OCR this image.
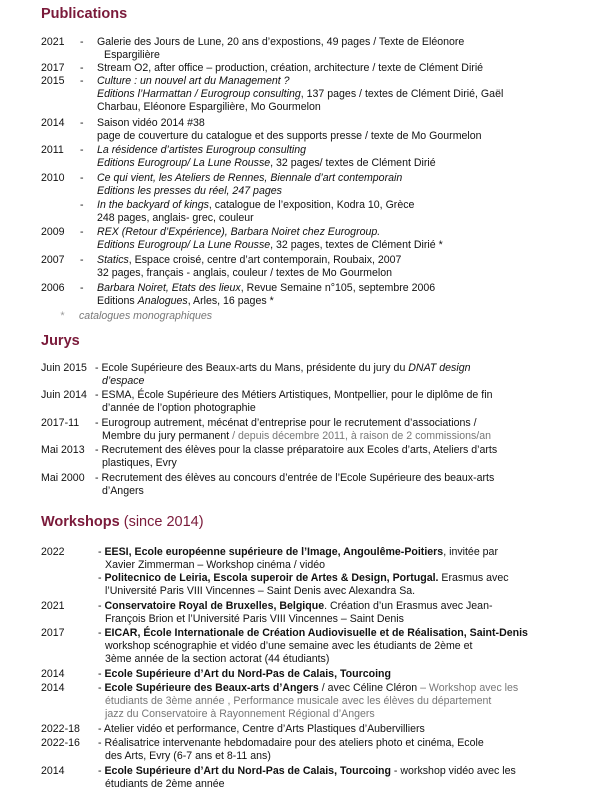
Publications
2021 - Galerie des Jours de Lune, 20 ans d’expostions, 49 pages / Texte de Eléonore
Espargilière
2017 - Stream O2, after office – production, création, architecture / texte de Clément Dirié
2015 - Culture : un nouvel art du Management ?
Editions l’Harmattan / Eurogroup consulting, 137 pages / textes de Clément Dirié, Gaël
Charbau, Eléonore Espargilière, Mo Gourmelon
2014 - Saison vidéo 2014 #38
page de couverture du catalogue et des supports presse / texte de Mo Gourmelon
2011 - La résidence d’artistes Eurogroup consulting
Editions Eurogroup/ La Lune Rousse, 32 pages/ textes de Clément Dirié
2010 - Ce qui vient, les Ateliers de Rennes, Biennale d’art contemporain
Editions les presses du réel, 247 pages
- In the backyard of kings, catalogue de l’exposition, Kodra 10, Grèce
248 pages, anglais- grec, couleur
2009 - REX (Retour d’Expérience), Barbara Noiret chez Eurogroup.
Editions Eurogroup/ La Lune Rousse, 32 pages, textes de Clément Dirié *
2007 - Statics, Espace croisé, centre d’art contemporain, Roubaix, 2007
32 pages, français - anglais, couleur / textes de Mo Gourmelon
2006 - Barbara Noiret, Etats des lieux, Revue Semaine n°105, septembre 2006
Editions Analogues, Arles, 16 pages *
* catalogues monographiques
Jurys
Juin 2015 - Ecole Supérieure des Beaux-arts du Mans, présidente du jury du DNAT design
d’espace
Juin 2014 - ESMA, École Supérieure des Métiers Artistiques, Montpellier, pour le diplôme de fin
d’année de l’option photographie
2017-11 - Eurogroup autrement, mécénat d’entreprise pour le recrutement d’associations /
Membre du jury permanent / depuis décembre 2011, à raison de 2 commissions/an
Mai 2013 - Recrutement des élèves pour la classe préparatoire aux Ecoles d’arts, Ateliers d’arts
plastiques, Evry
Mai 2000 - Recrutement des élèves au concours d’entrée de l’Ecole Supérieure des beaux-arts
d’Angers
Workshops (since 2014)
2022	- EESI, Ecole européenne supérieure de l’Image, Angoulême-Poitiers, invitée par
Xavier Zimmerman – Workshop cinéma / vidéo
- Politecnico de Leiria, Escola superoir de Artes & Design, Portugal. Erasmus avec
l’Université Paris VIII Vincennes – Saint Denis avec Alexandra Sa.
2021	- Conservatoire Royal de Bruxelles, Belgique. Création d’un Erasmus avec Jean-
François Brion et l’Université Paris VIII Vincennes – Saint Denis
2017	- EICAR, École Internationale de Création Audiovisuelle et de Réalisation, Saint-Denis
workshop scénographie et vidéo d’une semaine avec les étudiants de 2ème et
3ème année de la section actorat (44 étudiants)
2014	- Ecole Supérieure d’Art du Nord-Pas de Calais, Tourcoing
2014	- Ecole Supérieure des Beaux-arts d’Angers / avec Céline Cléron – Workshop avec les
étudiants de 3ème année , Performance musicale avec les élèves du département
jazz du Conservatoire à Rayonnement Régional d’Angers
2022-18 - Atelier vidéo et performance, Centre d’Arts Plastiques d’Aubervilliers
2022-16 - Réalisatrice intervenante hebdomadaire pour des ateliers photo et cinéma, Ecole
des Arts, Evry (6-7 ans et 8-11 ans)
2014	- Ecole Supérieure d’Art du Nord-Pas de Calais, Tourcoing - workshop vidéo avec les
étudiants de 2ème année
